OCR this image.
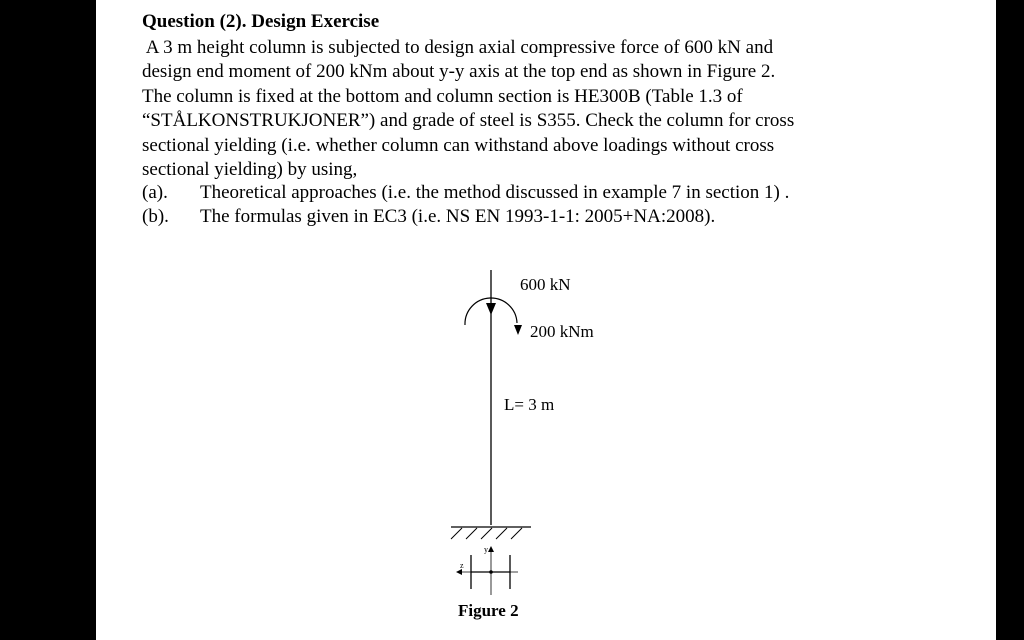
Question (2). Design Exercise
A 3 m height column is subjected to design axial compressive force of 600 kN and
design end moment of 200 kNm about y-y axis at the top end as shown in Figure 2.
The column is fixed at the bottom and column section is HE300B (Table 1.3 of
“STÅLKONSTRUKJONER”) and grade of steel is S355. Check the column for cross
sectional yielding (i.e. whether column can withstand above loadings without cross
sectional yielding) by using,
(a). Theoretical approaches (i.e. the method discussed in example 7 in section 1) .
(b). The formulas given in EC3 (i.e. NS EN 1993-1-1: 2005+NA:2008).
y
z
600 kN
200 kNm
L= 3 m
Figure 2
